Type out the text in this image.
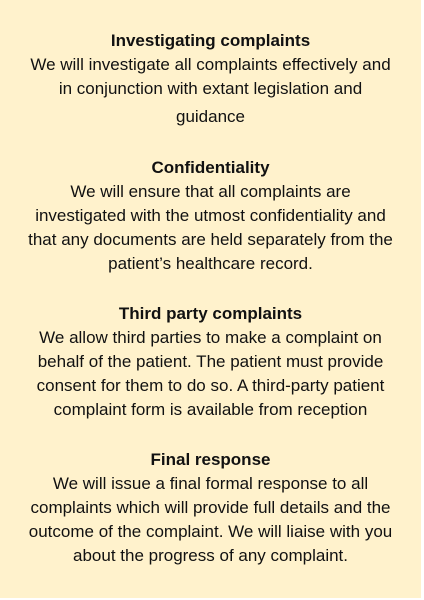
Investigating complaints

We will investigate all complaints effectively and
in conjunction with extant legislation and
guidance

Confidentiality

We will ensure that all complaints are
investigated with the utmost confidentiality and
that any documents are held separately from the
patient’s healthcare record.

Third party complaints

We allow third parties to make a complaint on
behalf of the patient. The patient must provide
consent for them to do so. A third-party patient
complaint form is available from reception

Final response

We will issue a final formal response to all
complaints which will provide full details and the
outcome of the complaint. We will liaise with you
about the progress of any complaint.
